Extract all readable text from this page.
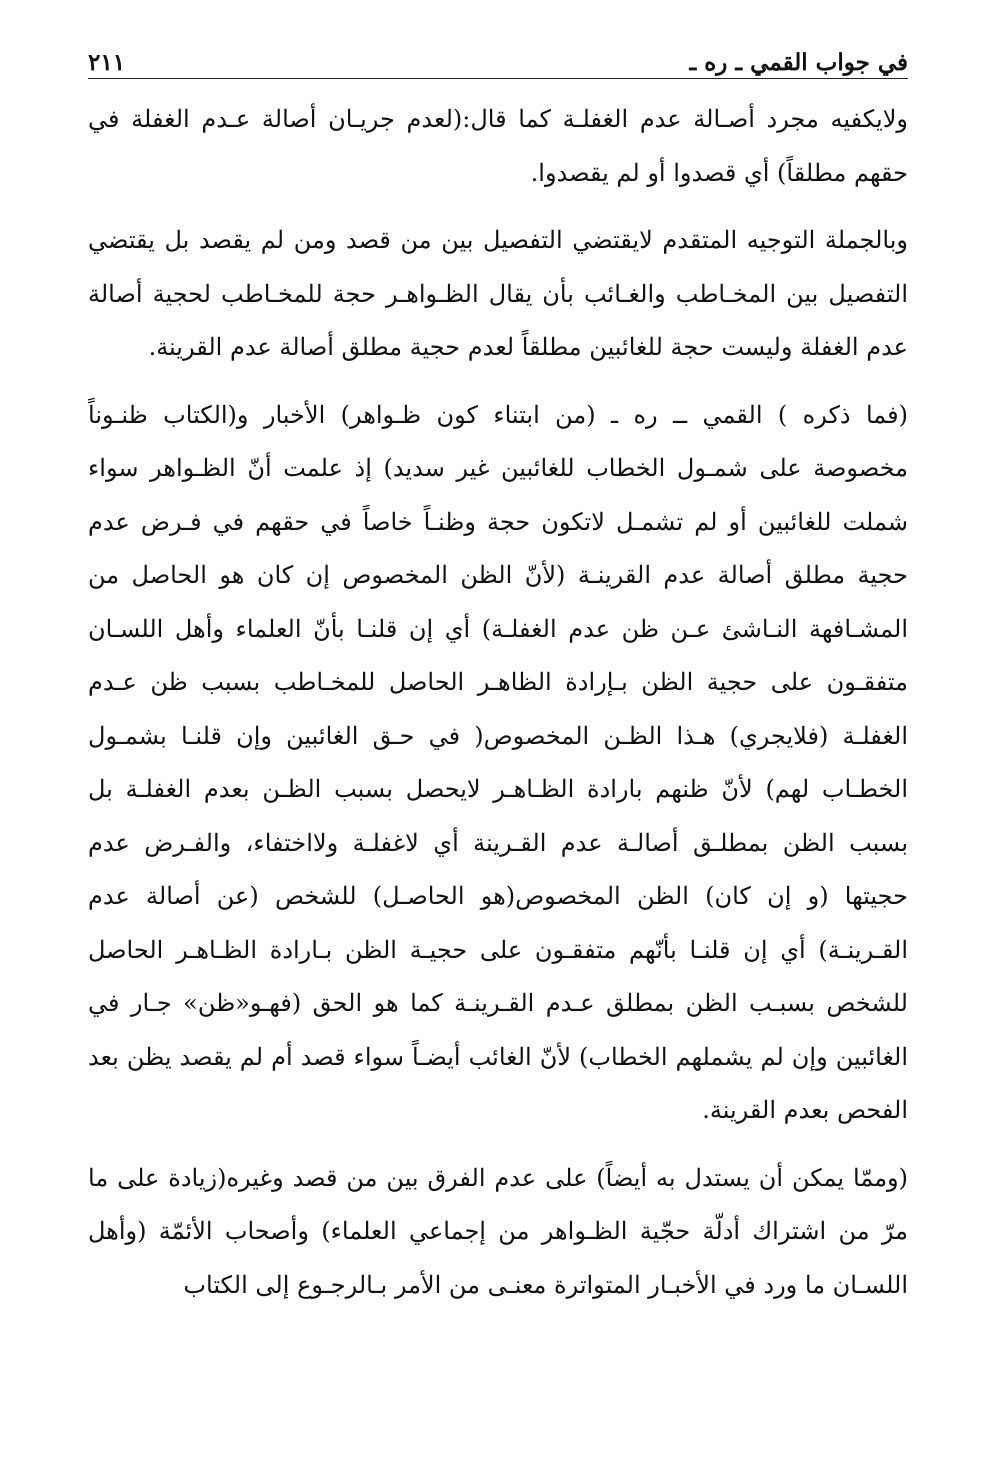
في جواب القمي ـ ره ـ
٢١١

ولايكفيه مجرد أصـالة عدم الغفلـة كما قال:(لعدم جريـان أصالة عـدم الغفلة في حقهم مطلقاً) أي قصدوا أو لم يقصدوا.

وبالجملة التوجيه المتقدم لايقتضي التفصيل بين من قصد ومن لم يقصد بل يقتضي التفصيل بين المخـاطب والغـائب بأن يقال الظـواهـر حجة للمخـاطب لحجية أصالة عدم الغفلة وليست حجة للغائبين مطلقاً لعدم حجية مطلق أصالة عدم القرينة.

(فما ذكره ) القمي ــ ره ـ (من ابتناء كون ظـواهر) الأخبار و(الكتاب ظنـوناً مخصوصة على شمـول الخطاب للغائبين غير سديد) إذ علمت أنّ الظـواهر سواء شملت للغائبين أو لم تشمـل لاتكون حجة وظنـاً خاصاً في حقهم في فـرض عدم حجية مطلق أصالة عدم القرينـة (لأنّ الظن المخصوص إن كان هو الحاصل من المشـافهة النـاشئ عـن ظن عدم الغفلـة) أي إن قلنـا بأنّ العلماء وأهل اللسـان متفقـون على حجية الظن بـإرادة الظاهـر الحاصل للمخـاطب بسبب ظن عـدم الغفلـة (فلايجري) هـذا الظـن المخصوص( في حـق الغائبين وإن قلنـا بشمـول الخطـاب لهم) لأنّ ظنهم بارادة الظـاهـر لايحصل بسبب الظـن بعدم الغفلـة بل بسبب الظن بمطلـق أصالـة عدم القـرينة أي لاغفلـة ولااختفاء، والفـرض عدم حجيتها (و إن كان) الظن المخصوص(هو الحاصـل) للشخص (عن أصالة عدم القـرينـة) أي إن قلنـا بأنّهم متفقـون على حجيـة الظن بـارادة الظـاهـر الحاصل للشخص بسبـب الظن بمطلق عـدم القـرينـة كما هو الحق (فهـو«ظن» جـار في الغائبين وإن لم يشملهم الخطاب) لأنّ الغائب أيضـاً سواء قصد أم لم يقصد يظن بعد الفحص بعدم القرينة.

(وممّا يمكن أن يستدل به أيضاً) على عدم الفرق بين من قصد وغيره(زيادة على ما مرّ من اشتراك أدلّة حجّية الظـواهر من إجماعي العلماء) وأصحاب الأئمّة (وأهل اللسـان ما ورد في الأخبـار المتواترة معنـى من الأمر بـالرجـوع إلى الكتاب
